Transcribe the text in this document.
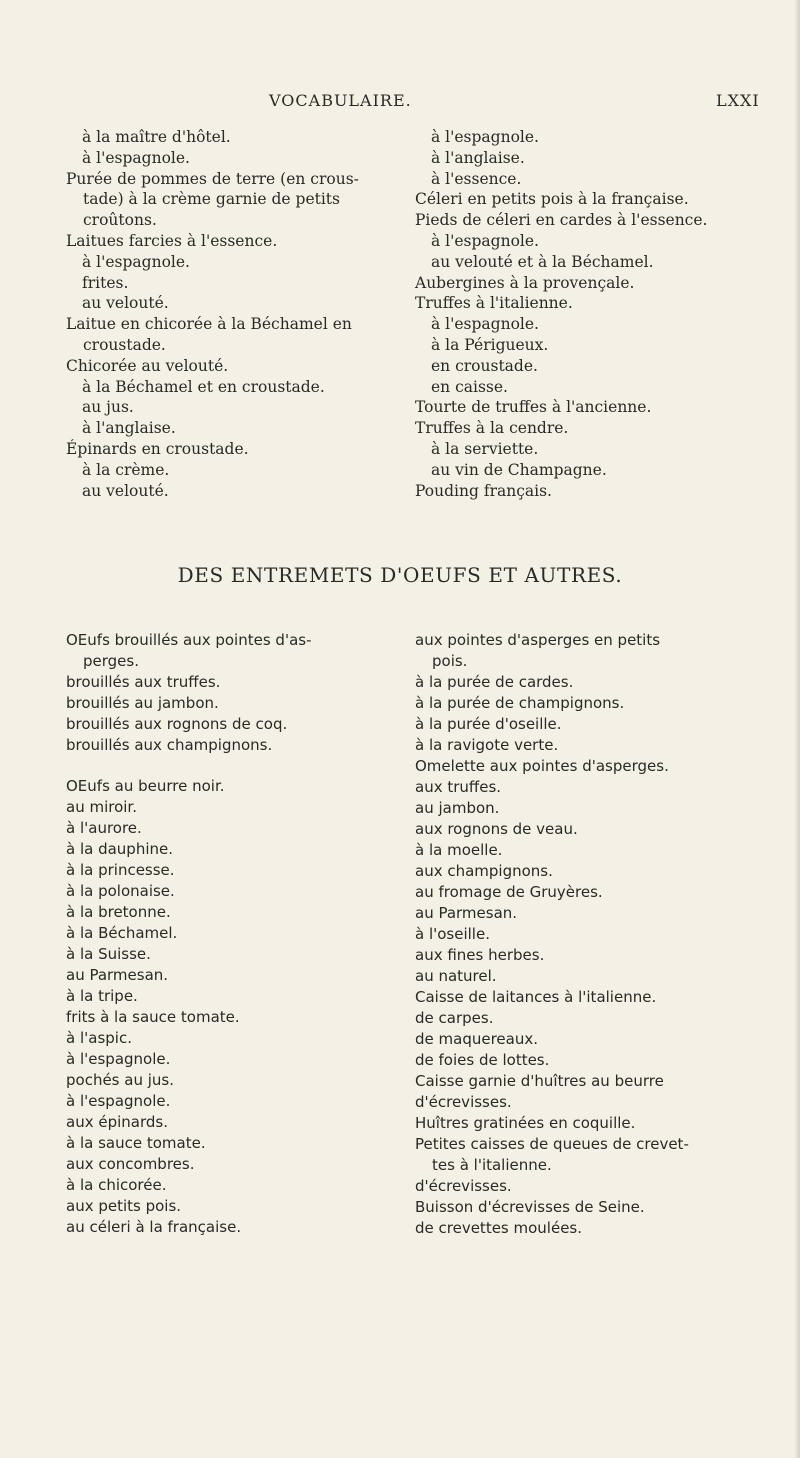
VOCABULAIRE.	LXXI
à la maître d'hôtel.
à l'espagnole.
Purée de pommes de terre (en crous-
tade) à la crème garnie de petits
croûtons.
Laitues farcies à l'essence.
à l'espagnole.
frites.
au velouté.
Laitue en chicorée à la Béchamel en
croustade.
Chicorée au velouté.
à la Béchamel et en croustade.
au jus.
à l'anglaise.
Épinards en croustade.
à la crème.
au velouté.
à l'espagnole.
à l'anglaise.
à l'essence.
Céleri en petits pois à la française.
Pieds de céleri en cardes à l'essence.
à l'espagnole.
au velouté et à la Béchamel.
Aubergines à la provençale.
Truffes à l'italienne.
à l'espagnole.
à la Périgueux.
en croustade.
en caisse.
Tourte de truffes à l'ancienne.
Truffes à la cendre.
à la serviette.
au vin de Champagne.
Pouding français.
DES ENTREMETS D'OEUFS ET AUTRES.
OEufs brouillés aux pointes d'as-
perges.
brouillés aux truffes.
brouillés au jambon.
brouillés aux rognons de coq.
brouillés aux champignons.
OEufs au beurre noir.
au miroir.
à l'aurore.
à la dauphine.
à la princesse.
à la polonaise.
à la bretonne.
à la Béchamel.
à la Suisse.
au Parmesan.
à la tripe.
frits à la sauce tomate.
à l'aspic.
à l'espagnole.
pochés au jus.
à l'espagnole.
aux épinards.
à la sauce tomate.
aux concombres.
à la chicorée.
aux petits pois.
au céleri à la française.
aux pointes d'asperges en petits
pois.
à la purée de cardes.
à la purée de champignons.
à la purée d'oseille.
à la ravigote verte.
Omelette aux pointes d'asperges.
aux truffes.
au jambon.
aux rognons de veau.
à la moelle.
aux champignons.
au fromage de Gruyères.
au Parmesan.
à l'oseille.
aux fines herbes.
au naturel.
Caisse de laitances à l'italienne.
de carpes.
de maquereaux.
de foies de lottes.
Caisse garnie d'huîtres au beurre
d'écrevisses.
Huîtres gratinées en coquille.
Petites caisses de queues de crevet-
tes à l'italienne.
d'écrevisses.
Buisson d'écrevisses de Seine.
de crevettes moulées.
